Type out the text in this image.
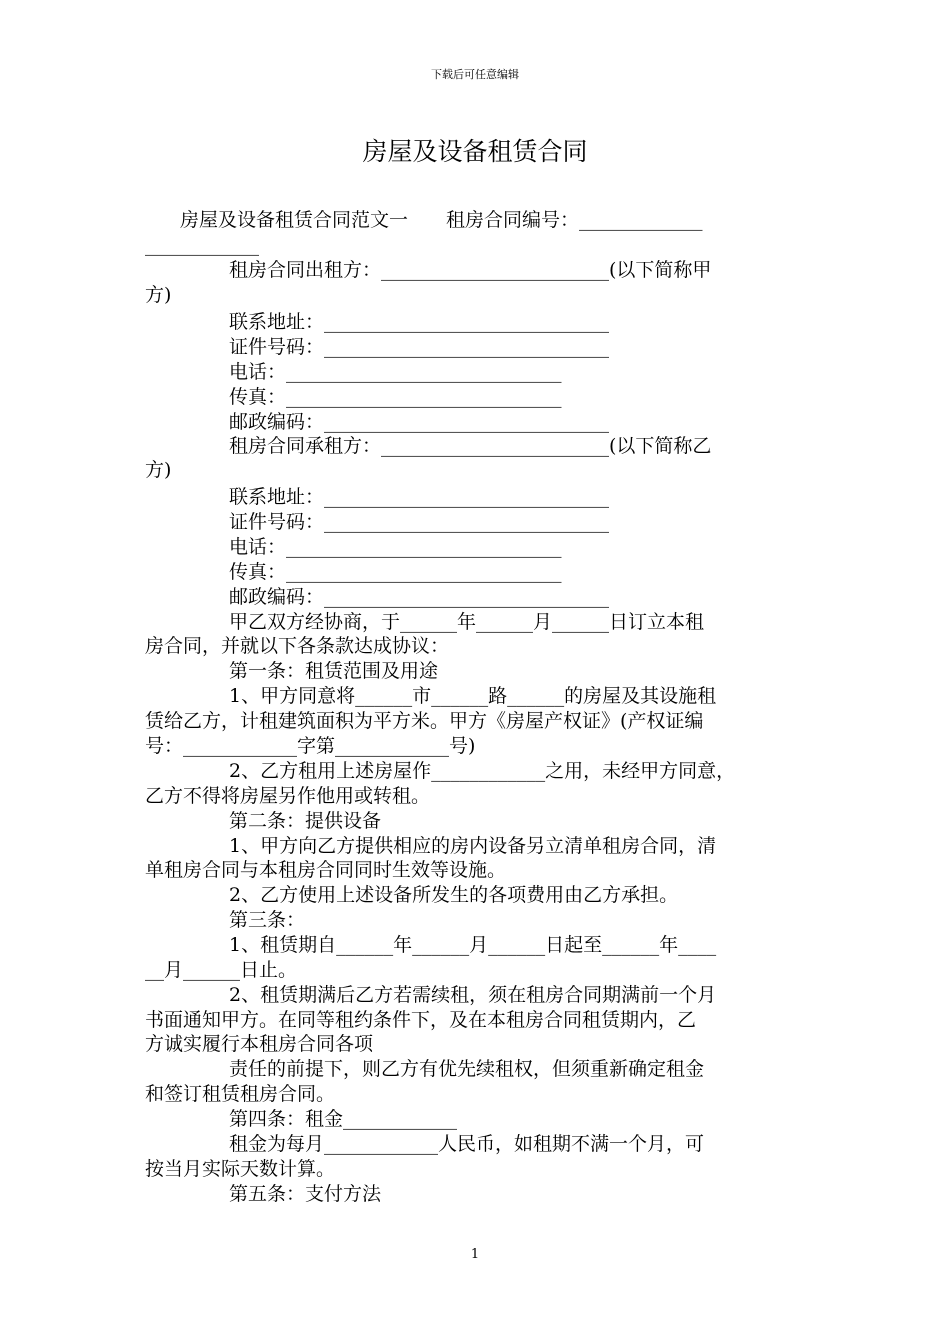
下载后可任意编辑
房屋及设备租赁合同
房屋及设备租赁合同范文一　　租房合同编号：_____________
____________
租房合同出租方：________________________(以下简称甲
方)
联系地址：______________________________
证件号码：______________________________
电话：_____________________________
传真：_____________________________
邮政编码：______________________________
租房合同承租方：________________________(以下简称乙
方)
联系地址：______________________________
证件号码：______________________________
电话：_____________________________
传真：_____________________________
邮政编码：______________________________
甲乙双方经协商，于______年______月______日订立本租
房合同，并就以下各条款达成协议：
第一条：租赁范围及用途
1、甲方同意将______市______路______的房屋及其设施租
赁给乙方，计租建筑面积为平方米。甲方《房屋产权证》(产权证编
号：____________字第____________号)
2、乙方租用上述房屋作____________之用，未经甲方同意，
乙方不得将房屋另作他用或转租。
第二条：提供设备
1、甲方向乙方提供相应的房内设备另立清单租房合同，清
单租房合同与本租房合同同时生效等设施。
2、乙方使用上述设备所发生的各项费用由乙方承担。
第三条：
1、租赁期自______年______月______日起至______年____
__月______日止。
2、租赁期满后乙方若需续租，须在租房合同期满前一个月
书面通知甲方。在同等租约条件下，及在本租房合同租赁期内，乙
方诚实履行本租房合同各项
责任的前提下，则乙方有优先续租权，但须重新确定租金
和签订租赁租房合同。
第四条：租金____________
租金为每月____________人民币，如租期不满一个月，可
按当月实际天数计算。
第五条：支付方法
1
